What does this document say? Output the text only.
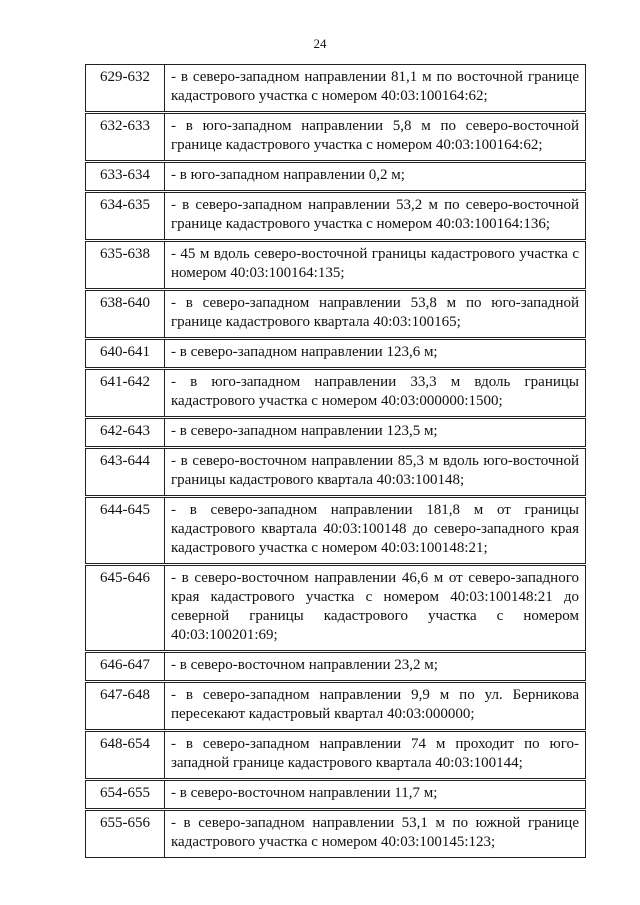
24
629-632	- в северо-западном направлении 81,1 м по восточной границе кадастрового участка с номером 40:03:100164:62;
632-633	- в юго-западном направлении 5,8 м по северо-восточной границе кадастрового участка с номером 40:03:100164:62;
633-634	- в юго-западном направлении 0,2 м;
634-635	- в северо-западном направлении 53,2 м по северо-восточной границе кадастрового участка с номером 40:03:100164:136;
635-638	- 45 м вдоль северо-восточной границы кадастрового участка с номером 40:03:100164:135;
638-640	- в северо-западном направлении 53,8 м по юго-западной границе кадастрового квартала 40:03:100165;
640-641	- в северо-западном направлении 123,6 м;
641-642	- в юго-западном направлении 33,3 м вдоль границы кадастрового участка с номером 40:03:000000:1500;
642-643	- в северо-западном направлении 123,5 м;
643-644	- в северо-восточном направлении 85,3 м вдоль юго-восточной границы кадастрового квартала 40:03:100148;
644-645	- в северо-западном направлении 181,8 м от границы кадастрового квартала 40:03:100148 до северо-западного края кадастрового участка с номером 40:03:100148:21;
645-646	- в северо-восточном направлении 46,6 м от северо-западного края кадастрового участка с номером 40:03:100148:21 до северной границы кадастрового участка с номером 40:03:100201:69;
646-647	- в северо-восточном направлении 23,2 м;
647-648	- в северо-западном направлении 9,9 м по ул. Берникова пересекают кадастровый квартал 40:03:000000;
648-654	- в северо-западном направлении 74 м проходит по юго-западной границе кадастрового квартала 40:03:100144;
654-655	- в северо-восточном направлении 11,7 м;
655-656	- в северо-западном направлении 53,1 м по южной границе кадастрового участка с номером 40:03:100145:123;
